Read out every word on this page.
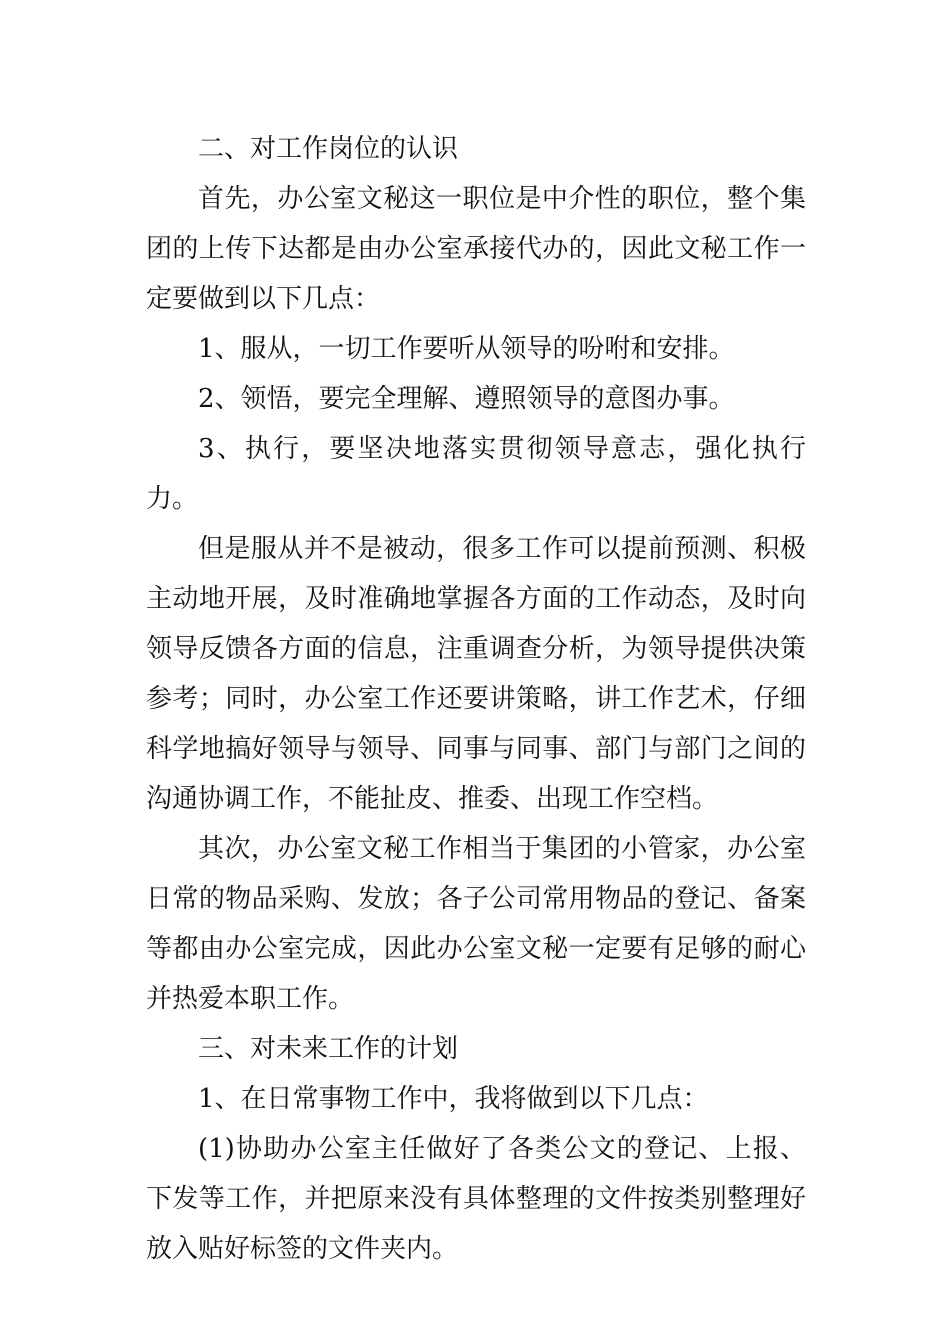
二、对工作岗位的认识

首先，办公室文秘这一职位是中介性的职位，整个集团的上传下达都是由办公室承接代办的，因此文秘工作一定要做到以下几点：

1、服从，一切工作要听从领导的吩咐和安排。

2、领悟，要完全理解、遵照领导的意图办事。

3、执行，要坚决地落实贯彻领导意志，强化执行力。

但是服从并不是被动，很多工作可以提前预测、积极主动地开展，及时准确地掌握各方面的工作动态，及时向领导反馈各方面的信息，注重调查分析，为领导提供决策参考；同时，办公室工作还要讲策略，讲工作艺术，仔细科学地搞好领导与领导、同事与同事、部门与部门之间的沟通协调工作，不能扯皮、推委、出现工作空档。

其次，办公室文秘工作相当于集团的小管家，办公室日常的物品采购、发放；各子公司常用物品的登记、备案等都由办公室完成，因此办公室文秘一定要有足够的耐心并热爱本职工作。

三、对未来工作的计划

1、在日常事物工作中，我将做到以下几点：

(1)协助办公室主任做好了各类公文的登记、上报、下发等工作，并把原来没有具体整理的文件按类别整理好放入贴好标签的文件夹内。
